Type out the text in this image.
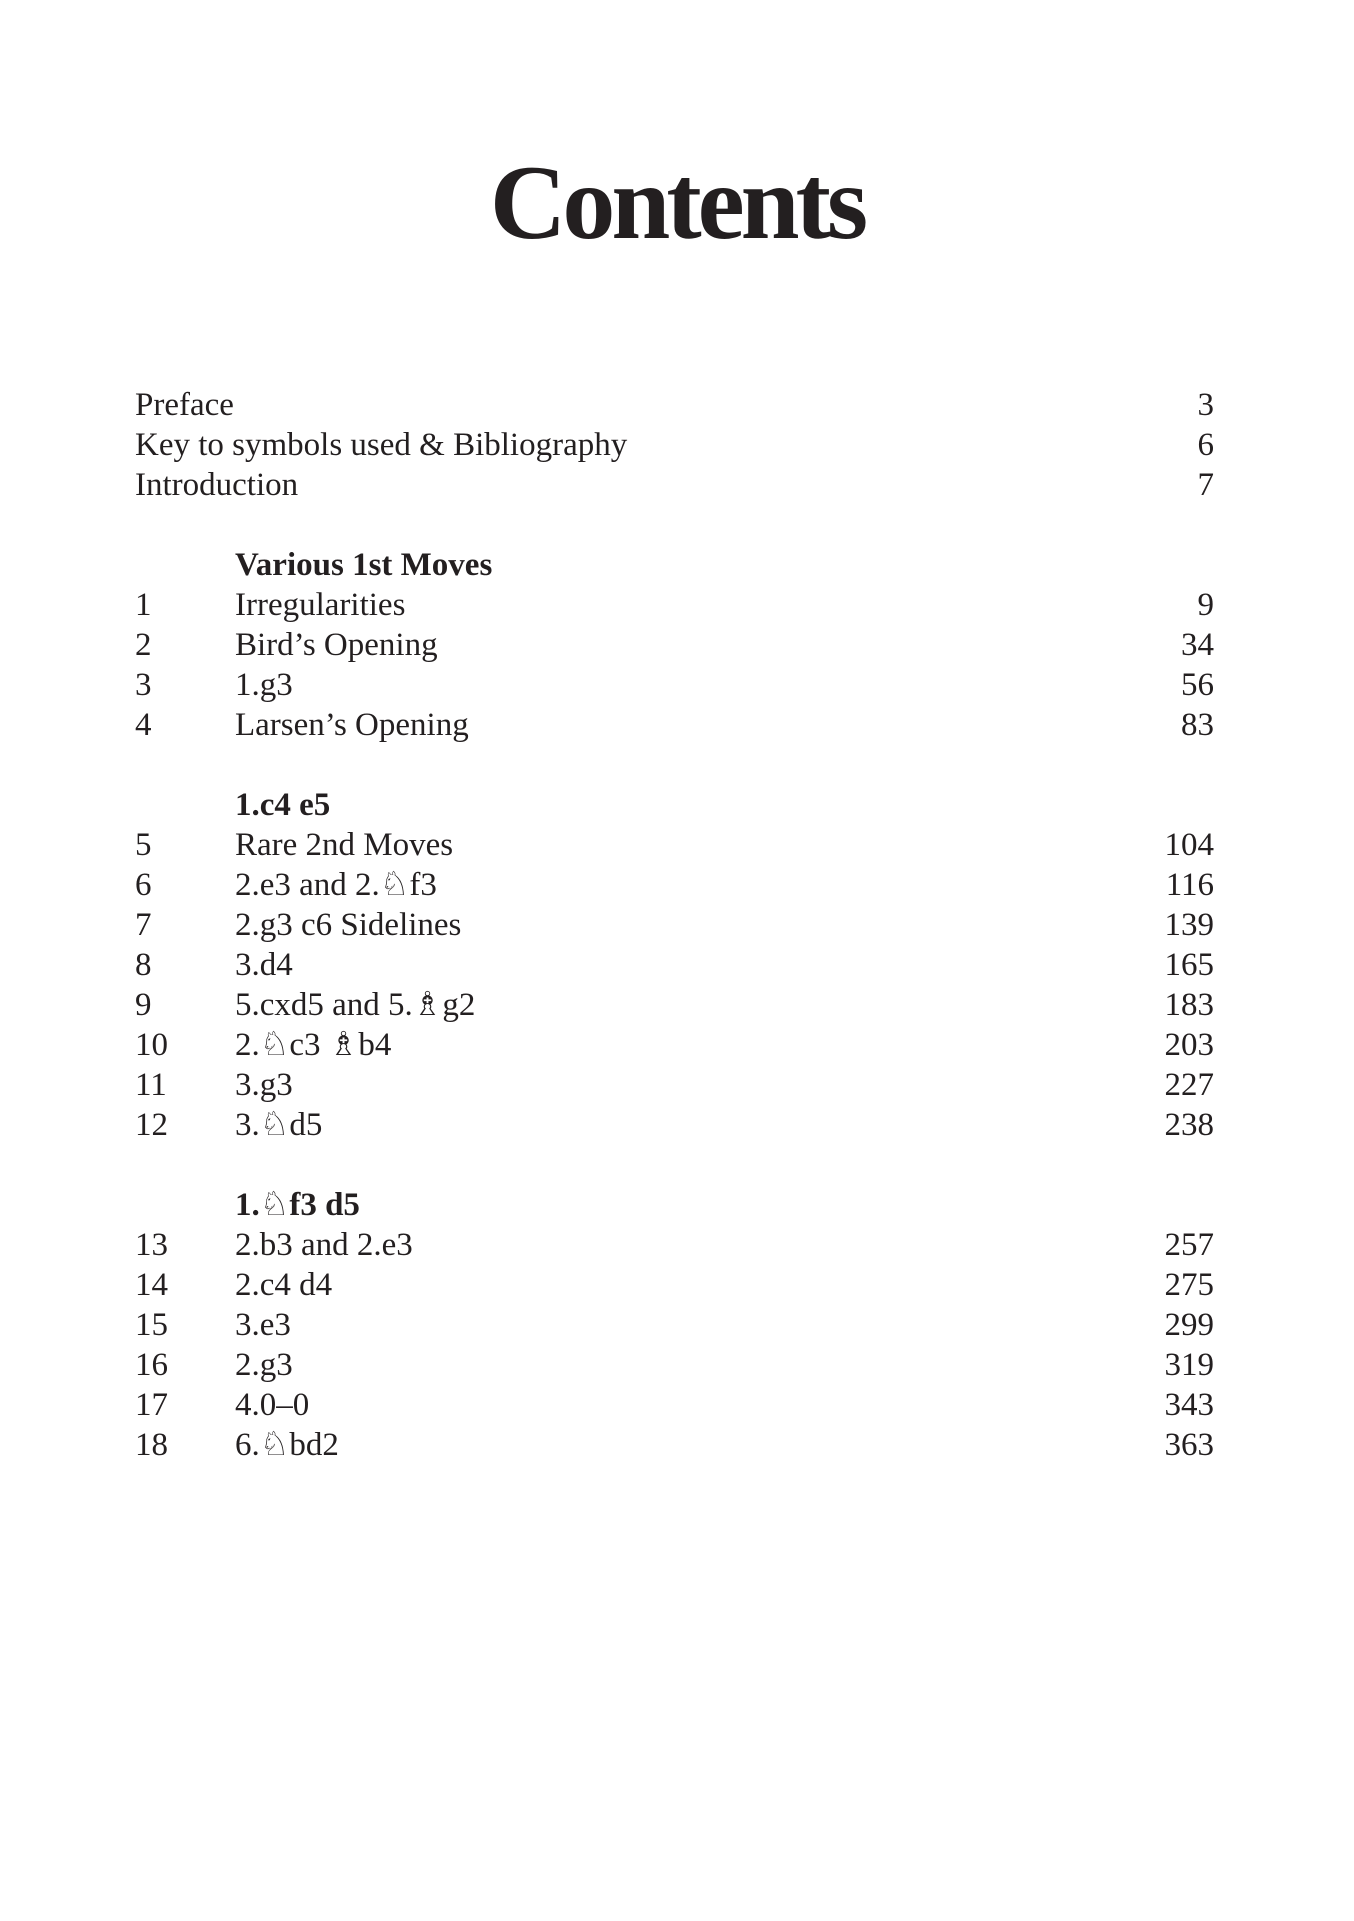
Contents
Preface	3
Key to symbols used & Bibliography	6
Introduction	7
Various 1st Moves
1	Irregularities	9
2	Bird’s Opening	34
3	1.g3	56
4	Larsen’s Opening	83
1.c4 e5
5	Rare 2nd Moves	104
6	2.e3 and 2.♘f3	116
7	2.g3 c6 Sidelines	139
8	3.d4	165
9	5.cxd5 and 5.♗g2	183
10	2.♘c3 ♗b4	203
11	3.g3	227
12	3.♘d5	238
1.♘f3 d5
13	2.b3 and 2.e3	257
14	2.c4 d4	275
15	3.e3	299
16	2.g3	319
17	4.0–0	343
18	6.♘bd2	363
